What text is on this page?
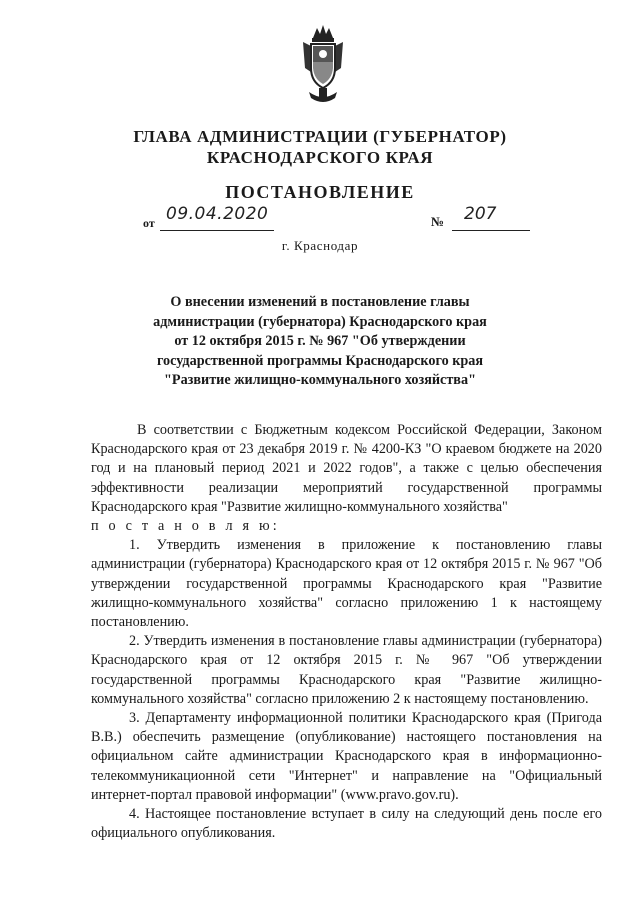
ГЛАВА АДМИНИСТРАЦИИ (ГУБЕРНАТОР)
КРАСНОДАРСКОГО КРАЯ
ПОСТАНОВЛЕНИЕ
от 09.04.2020	№ 207
г. Краснодар
О внесении изменений в постановление главы
администрации (губернатора) Краснодарского края
от 12 октября 2015 г. № 967 "Об утверждении
государственной программы Краснодарского края
"Развитие жилищно-коммунального хозяйства"

В соответствии с Бюджетным кодексом Российской Федерации, Законом Краснодарского края от 23 декабря 2019 г. № 4200-КЗ "О краевом бюджете на 2020 год и на плановый период 2021 и 2022 годов", а также с целью обеспечения эффективности реализации мероприятий государственной программы Краснодарского края "Развитие жилищно-коммунального хозяйства"

п о с т а н о в л я ю:

1. Утвердить изменения в приложение к постановлению главы администрации (губернатора) Краснодарского края от 12 октября 2015 г. № 967 "Об утверждении государственной программы Краснодарского края "Развитие жилищно-коммунального хозяйства" согласно приложению 1 к настоящему постановлению.

2. Утвердить изменения в постановление главы администрации (губернатора) Краснодарского края от 12 октября 2015 г. № 967 "Об утверждении государственной программы Краснодарского края "Развитие жилищно-коммунального хозяйства" согласно приложению 2 к настоящему постановлению.

3. Департаменту информационной политики Краснодарского края (Пригода В.В.) обеспечить размещение (опубликование) настоящего постановления на официальном сайте администрации Краснодарского края в информационно-телекоммуникационной сети "Интернет" и направление на "Официальный интернет-портал правовой информации" (www.pravo.gov.ru).

4. Настоящее постановление вступает в силу на следующий день после его официального опубликования.
